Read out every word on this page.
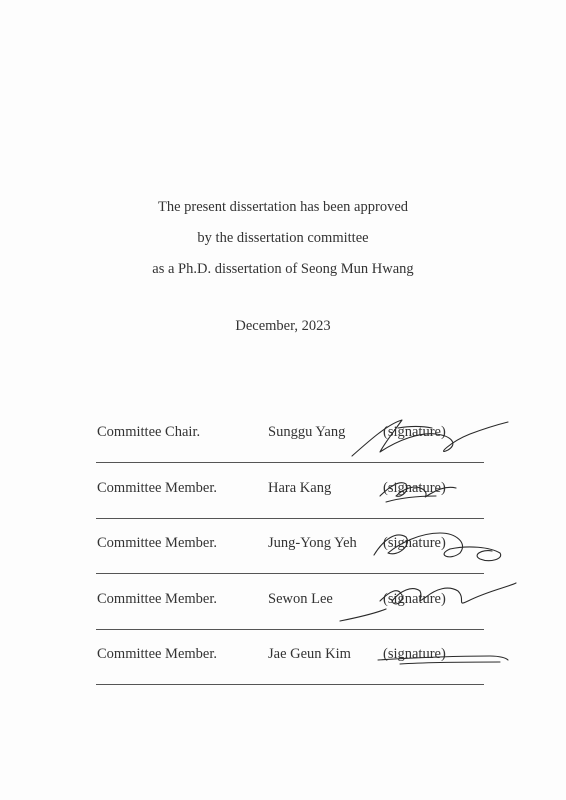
The present dissertation has been approved
by the dissertation committee
as a Ph.D. dissertation of Seong Mun Hwang
December, 2023
Committee Chair.	Sunggu Yang	(signature)
Committee Member.	Hara Kang	(signature)
Committee Member.	Jung-Yong Yeh (signature)
Committee Member.	Sewon Lee	(signature)
Committee Member.	Jae Geun Kim (signature)
